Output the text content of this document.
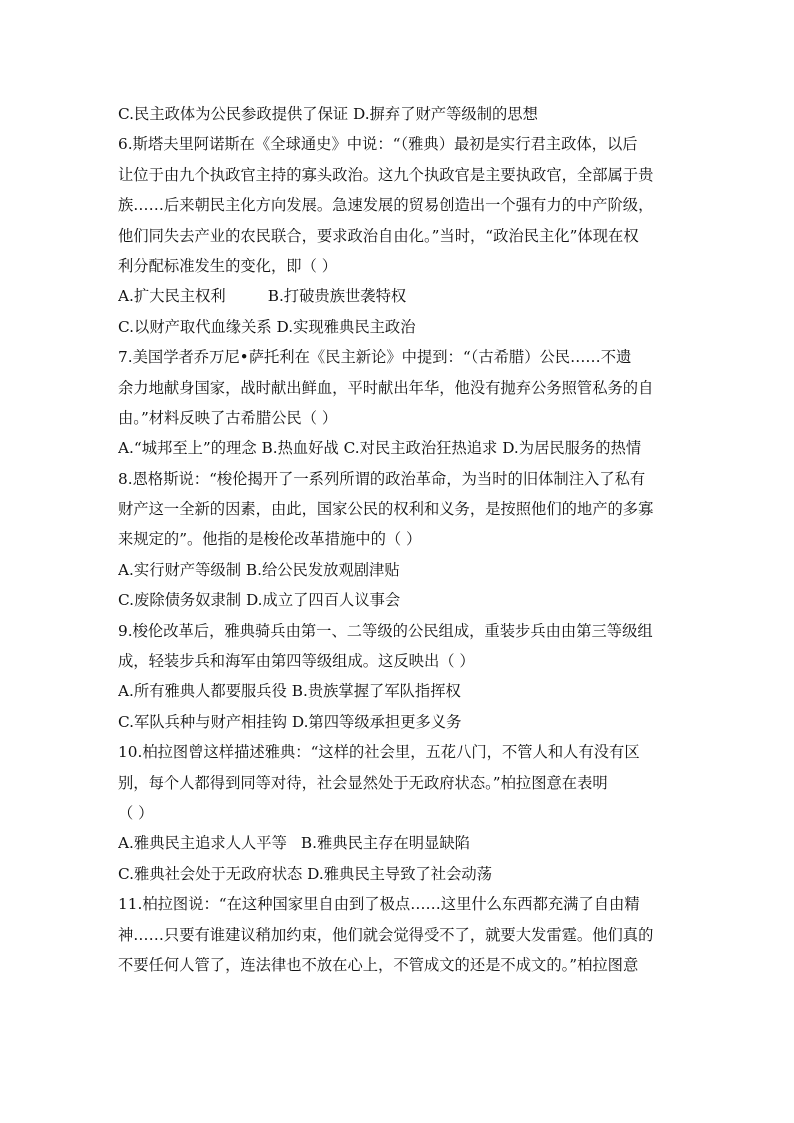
C.民主政体为公民参政提供了保证 D.摒弃了财产等级制的思想
6.斯塔夫里阿诺斯在《全球通史》中说：“（雅典）最初是实行君主政体，以后
让位于由九个执政官主持的寡头政治。这九个执政官是主要执政官，全部属于贵
族……后来朝民主化方向发展。急速发展的贸易创造出一个强有力的中产阶级，
他们同失去产业的农民联合，要求政治自由化。”当时，“政治民主化”体现在权
利分配标准发生的变化，即（ ）
A.扩大民主权利	B.打破贵族世袭特权
C.以财产取代血缘关系 D.实现雅典民主政治
7.美国学者乔万尼•萨托利在《民主新论》中提到：“（古希腊）公民……不遗
余力地献身国家，战时献出鲜血，平时献出年华，他没有抛弃公务照管私务的自
由。”材料反映了古希腊公民（ ）
A.“城邦至上”的理念 B.热血好战 C.对民主政治狂热追求 D.为居民服务的热情
8.恩格斯说：“梭伦揭开了一系列所谓的政治革命，为当时的旧体制注入了私有
财产这一全新的因素，由此，国家公民的权利和义务，是按照他们的地产的多寡
来规定的”。他指的是梭伦改革措施中的（ ）
A.实行财产等级制 B.给公民发放观剧津贴
C.废除债务奴隶制 D.成立了四百人议事会
9.梭伦改革后，雅典骑兵由第一、二等级的公民组成，重装步兵由由第三等级组
成，轻装步兵和海军由第四等级组成。这反映出（ ）
A.所有雅典人都要服兵役 B.贵族掌握了军队指挥权
C.军队兵种与财产相挂钩 D.第四等级承担更多义务
10.柏拉图曾这样描述雅典：“这样的社会里，五花八门，不管人和人有没有区
别，每个人都得到同等对待，社会显然处于无政府状态。”柏拉图意在表明
（ ）
A.雅典民主追求人人平等 B.雅典民主存在明显缺陷
C.雅典社会处于无政府状态 D.雅典民主导致了社会动荡
11.柏拉图说：“在这种国家里自由到了极点……这里什么东西都充满了自由精
神……只要有谁建议稍加约束，他们就会觉得受不了，就要大发雷霆。他们真的
不要任何人管了，连法律也不放在心上，不管成文的还是不成文的。”柏拉图意
